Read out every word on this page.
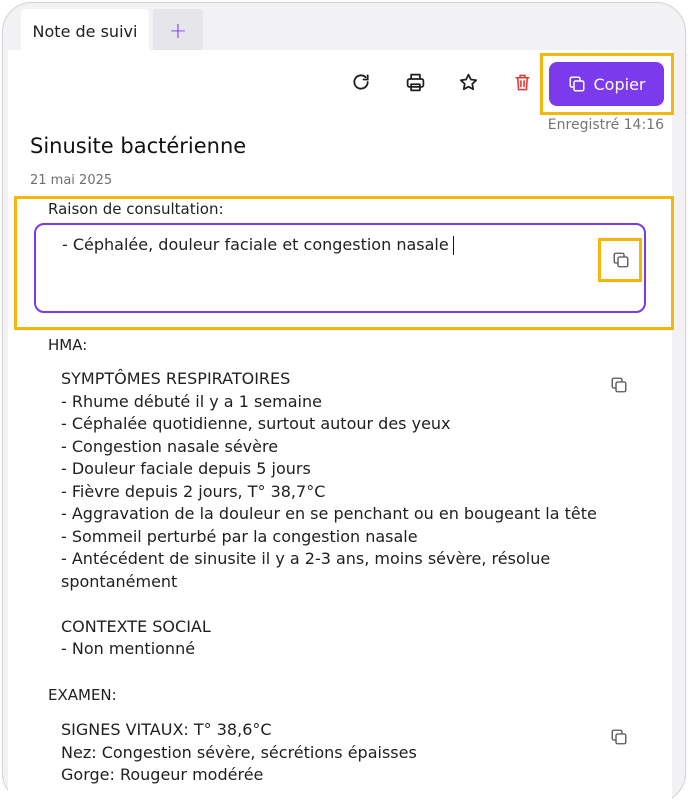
Note de suivi +
Copier
Enregistré 14:16
Sinusite bactérienne
21 mai 2025
Raison de consultation:
- Céphalée, douleur faciale et congestion nasale
HMA:
SYMPTÔMES RESPIRATOIRES
- Rhume débuté il y a 1 semaine
- Céphalée quotidienne, surtout autour des yeux
- Congestion nasale sévère
- Douleur faciale depuis 5 jours
- Fièvre depuis 2 jours, T° 38,7°C
- Aggravation de la douleur en se penchant ou en bougeant la tête
- Sommeil perturbé par la congestion nasale
- Antécédent de sinusite il y a 2-3 ans, moins sévère, résolue spontanément

CONTEXTE SOCIAL
- Non mentionné
EXAMEN:
SIGNES VITAUX: T° 38,6°C
Nez: Congestion sévère, sécrétions épaisses
Gorge: Rougeur modérée
